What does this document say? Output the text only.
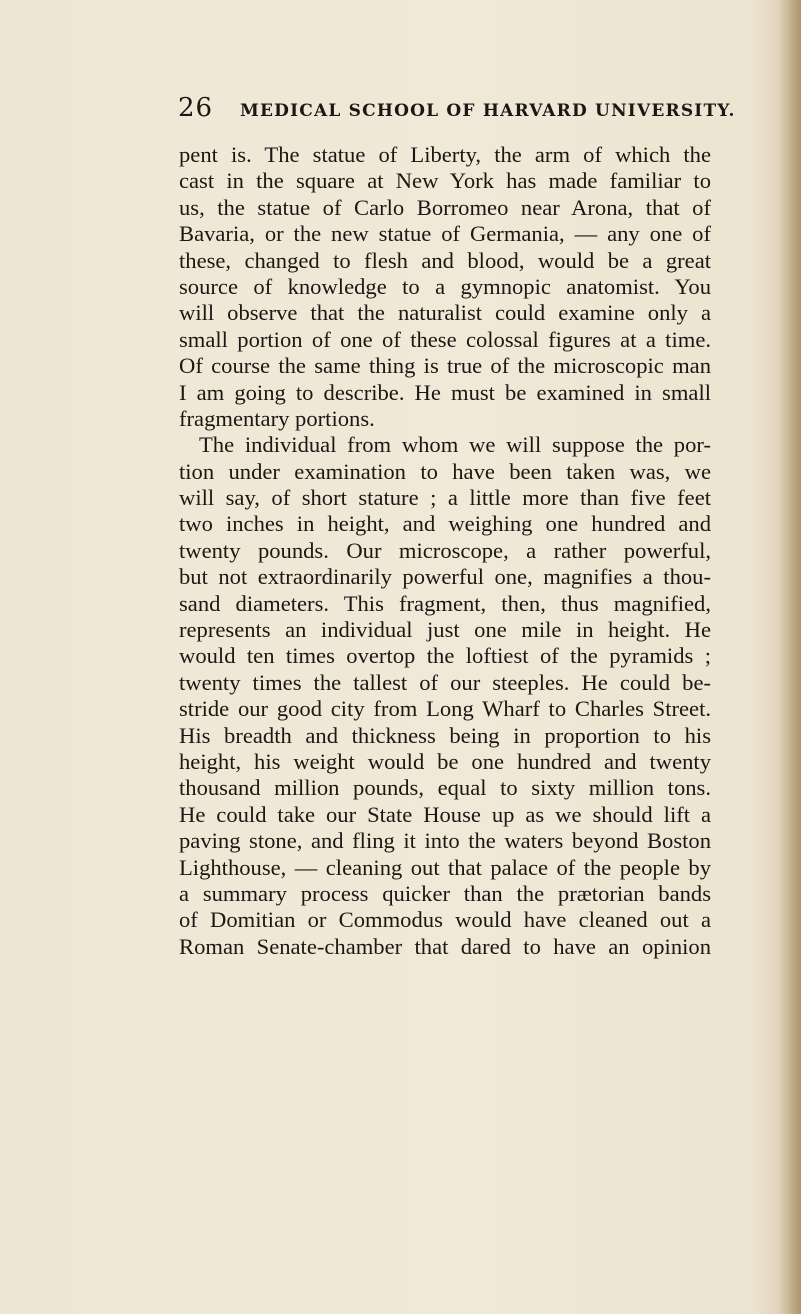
26 MEDICAL SCHOOL OF HARVARD UNIVERSITY.
pent is. The statue of Liberty, the arm of which the
cast in the square at New York has made familiar to
us, the statue of Carlo Borromeo near Arona, that of
Bavaria, or the new statue of Germania, — any one of
these, changed to flesh and blood, would be a great
source of knowledge to a gymnopic anatomist. You
will observe that the naturalist could examine only a
small portion of one of these colossal figures at a time.
Of course the same thing is true of the microscopic man
I am going to describe. He must be examined in small
fragmentary portions.
The individual from whom we will suppose the por-
tion under examination to have been taken was, we
will say, of short stature ; a little more than five feet
two inches in height, and weighing one hundred and
twenty pounds. Our microscope, a rather powerful,
but not extraordinarily powerful one, magnifies a thou-
sand diameters. This fragment, then, thus magnified,
represents an individual just one mile in height. He
would ten times overtop the loftiest of the pyramids ;
twenty times the tallest of our steeples. He could be-
stride our good city from Long Wharf to Charles Street.
His breadth and thickness being in proportion to his
height, his weight would be one hundred and twenty
thousand million pounds, equal to sixty million tons.
He could take our State House up as we should lift a
paving stone, and fling it into the waters beyond Boston
Lighthouse, — cleaning out that palace of the people by
a summary process quicker than the prætorian bands
of Domitian or Commodus would have cleaned out a
Roman Senate-chamber that dared to have an opinion
